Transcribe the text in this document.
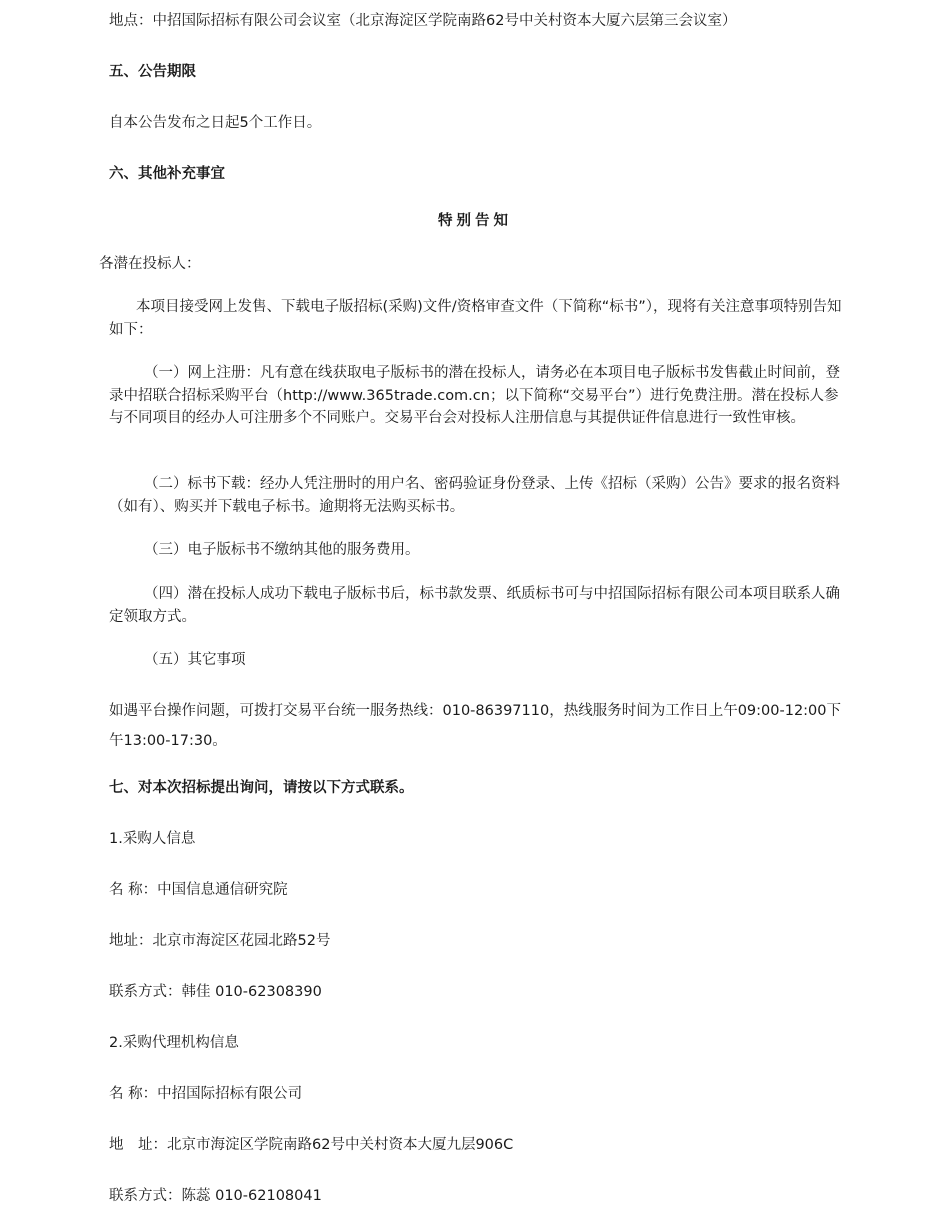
地点：中招国际招标有限公司会议室（北京海淀区学院南路62号中关村资本大厦六层第三会议室）
五、公告期限
自本公告发布之日起5个工作日。
六、其他补充事宜
特别告知
各潜在投标人：
本项目接受网上发售、下载电子版招标(采购)文件/资格审查文件（下简称“标书”），现将有关注意事项特别告知如下：
（一）网上注册：凡有意在线获取电子版标书的潜在投标人，请务必在本项目电子版标书发售截止时间前，登录中招联合招标采购平台（http://www.365trade.com.cn；以下简称“交易平台”）进行免费注册。潜在投标人参与不同项目的经办人可注册多个不同账户。交易平台会对投标人注册信息与其提供证件信息进行一致性审核。
（二）标书下载：经办人凭注册时的用户名、密码验证身份登录、上传《招标（采购）公告》要求的报名资料（如有）、购买并下载电子标书。逾期将无法购买标书。
（三）电子版标书不缴纳其他的服务费用。
（四）潜在投标人成功下载电子版标书后，标书款发票、纸质标书可与中招国际招标有限公司本项目联系人确定领取方式。
（五）其它事项
如遇平台操作问题，可拨打交易平台统一服务热线：010-86397110，热线服务时间为工作日上午09:00-12:00下午13:00-17:30。
七、对本次招标提出询问，请按以下方式联系。
1.采购人信息
名 称：中国信息通信研究院
地址：北京市海淀区花园北路52号
联系方式：韩佳 010-62308390
2.采购代理机构信息
名 称：中招国际招标有限公司
地　址：北京市海淀区学院南路62号中关村资本大厦九层906C
联系方式：陈蕊 010-62108041
